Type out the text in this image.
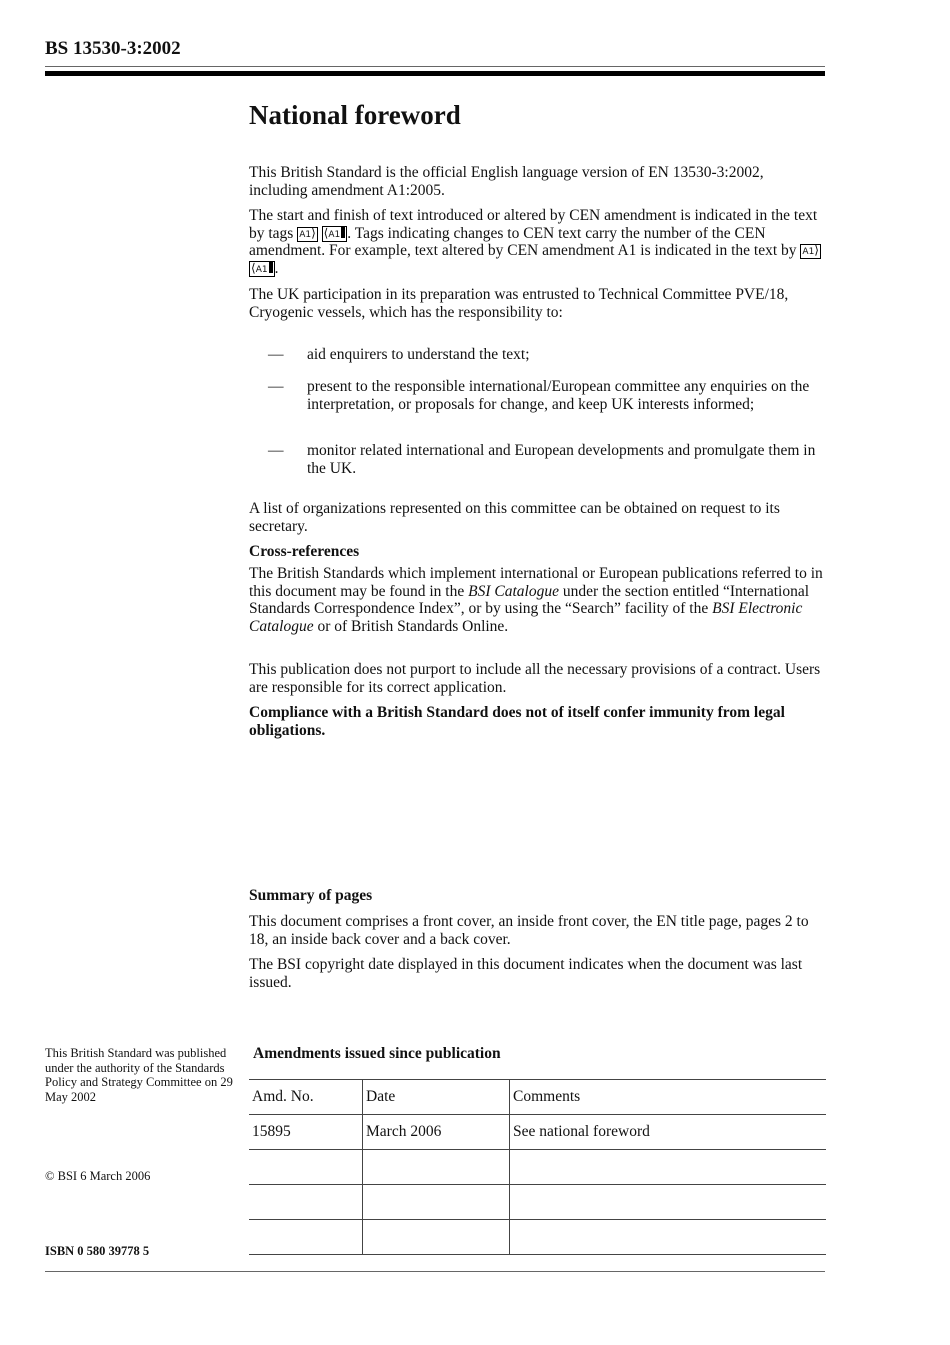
BS 13530-3:2002
National foreword
This British Standard is the official English language version of EN 13530-3:2002, including amendment A1:2005.
The start and finish of text introduced or altered by CEN amendment is indicated in the text by tags A1 ⟩ ⟨ A1 . Tags indicating changes to CEN text carry the number of the CEN amendment. For example, text altered by CEN amendment A1 is indicated in the text by A1 ⟩ ⟨ A1 .
The UK participation in its preparation was entrusted to Technical Committee PVE/18, Cryogenic vessels, which has the responsibility to:
— aid enquirers to understand the text;
— present to the responsible international/European committee any enquiries on the interpretation, or proposals for change, and keep UK interests informed;
— monitor related international and European developments and promulgate them in the UK.
A list of organizations represented on this committee can be obtained on request to its secretary.
Cross-references
The British Standards which implement international or European publications referred to in this document may be found in the BSI Catalogue under the section entitled “International Standards Correspondence Index”, or by using the “Search” facility of the BSI Electronic Catalogue or of British Standards Online.
This publication does not purport to include all the necessary provisions of a contract. Users are responsible for its correct application.
Compliance with a British Standard does not of itself confer immunity from legal obligations.
Summary of pages
This document comprises a front cover, an inside front cover, the EN title page, pages 2 to 18, an inside back cover and a back cover.
The BSI copyright date displayed in this document indicates when the document was last issued.
This British Standard was published under the authority of the Standards Policy and Strategy Committee on 29 May 2002
© BSI 6 March 2006
ISBN 0 580 39778 5
Amendments issued since publication
Amd. No.	Date	Comments
15895	March 2006	See national foreword
